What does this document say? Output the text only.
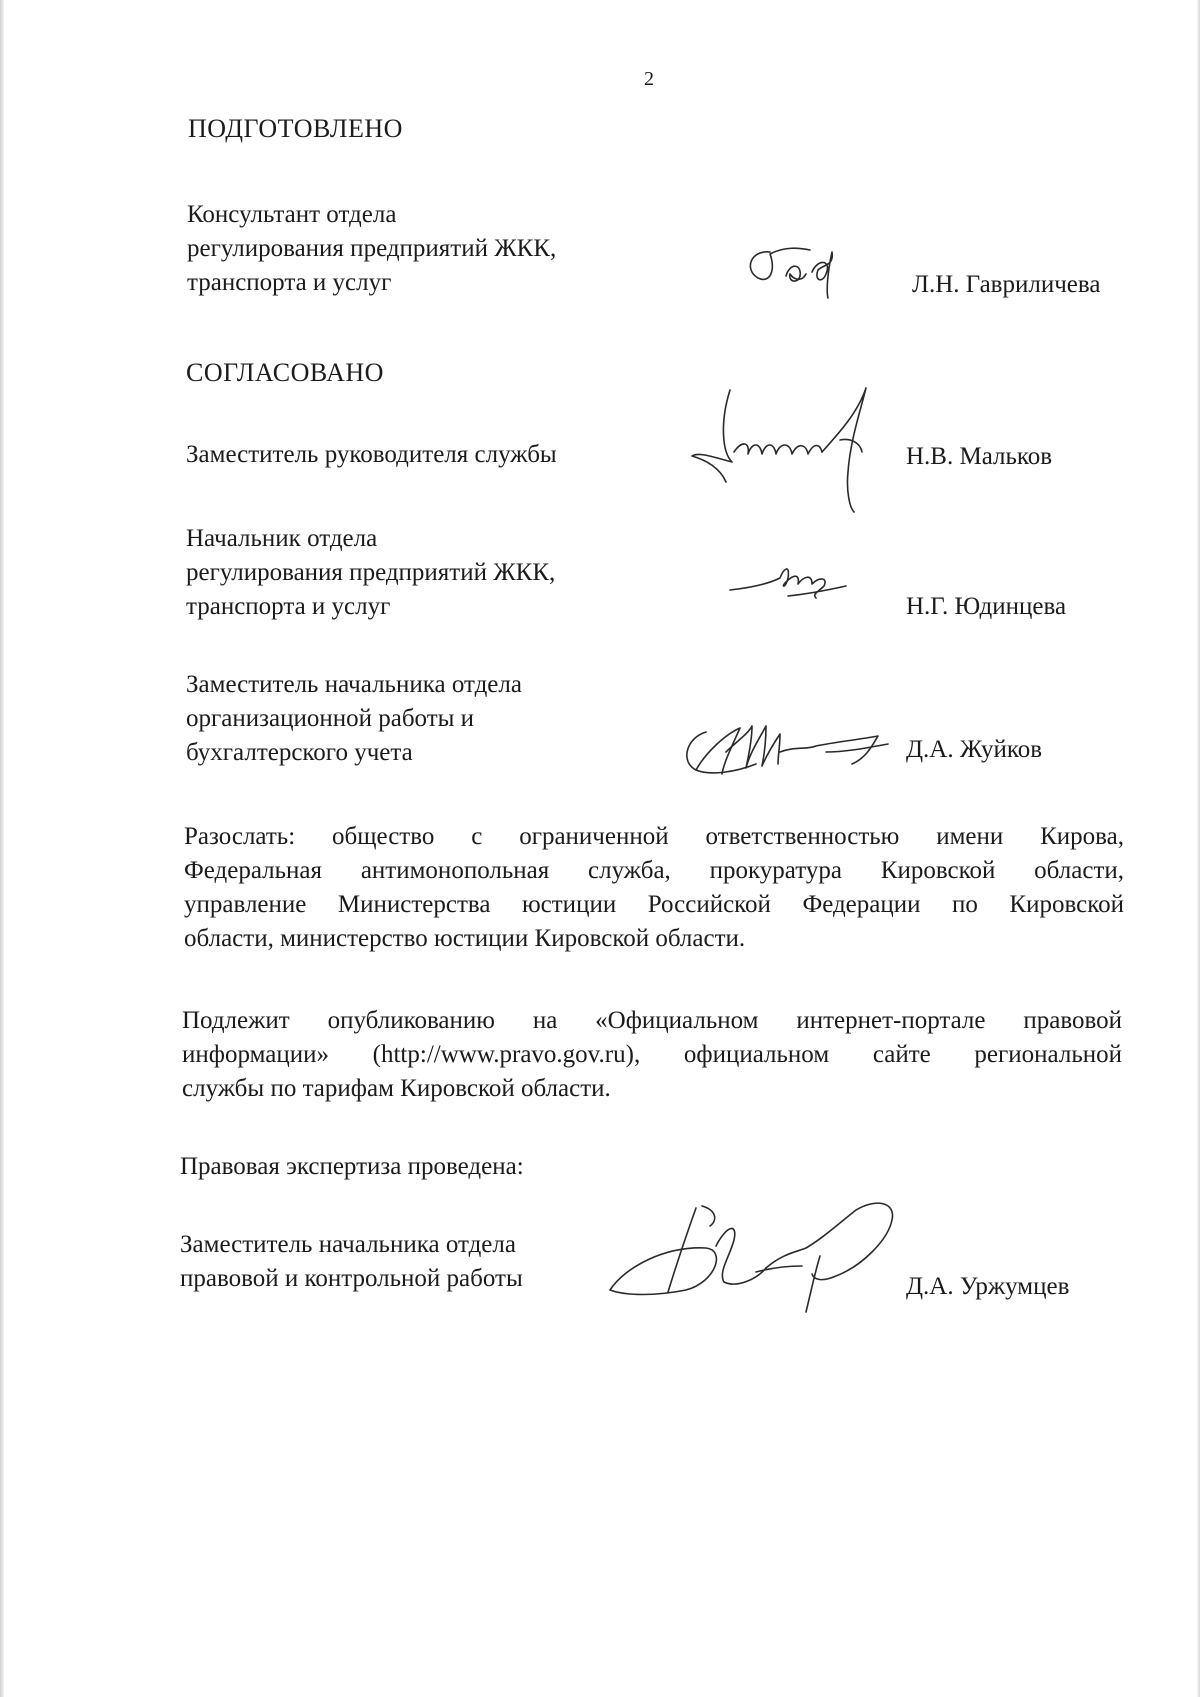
2
ПОДГОТОВЛЕНО
Консультант отдела
регулирования предприятий ЖКК,
транспорта и услуг	Л.Н. Гавриличева
СОГЛАСОВАНО
Заместитель руководителя службы	Н.В. Мальков
Начальник отдела
регулирования предприятий ЖКК,
транспорта и услуг	Н.Г. Юдинцева
Заместитель начальника отдела
организационной работы и
бухгалтерского учета	Д.А. Жуйков
Разослать: общество с ограниченной ответственностью имени Кирова,
Федеральная антимонопольная служба, прокуратура Кировской области,
управление Министерства юстиции Российской Федерации по Кировской
области, министерство юстиции Кировской области.
Подлежит опубликованию на «Официальном интернет-портале правовой
информации» (http://www.pravo.gov.ru), официальном сайте региональной
службы по тарифам Кировской области.
Правовая экспертиза проведена:
Заместитель начальника отдела
правовой и контрольной работы	Д.А. Уржумцев
